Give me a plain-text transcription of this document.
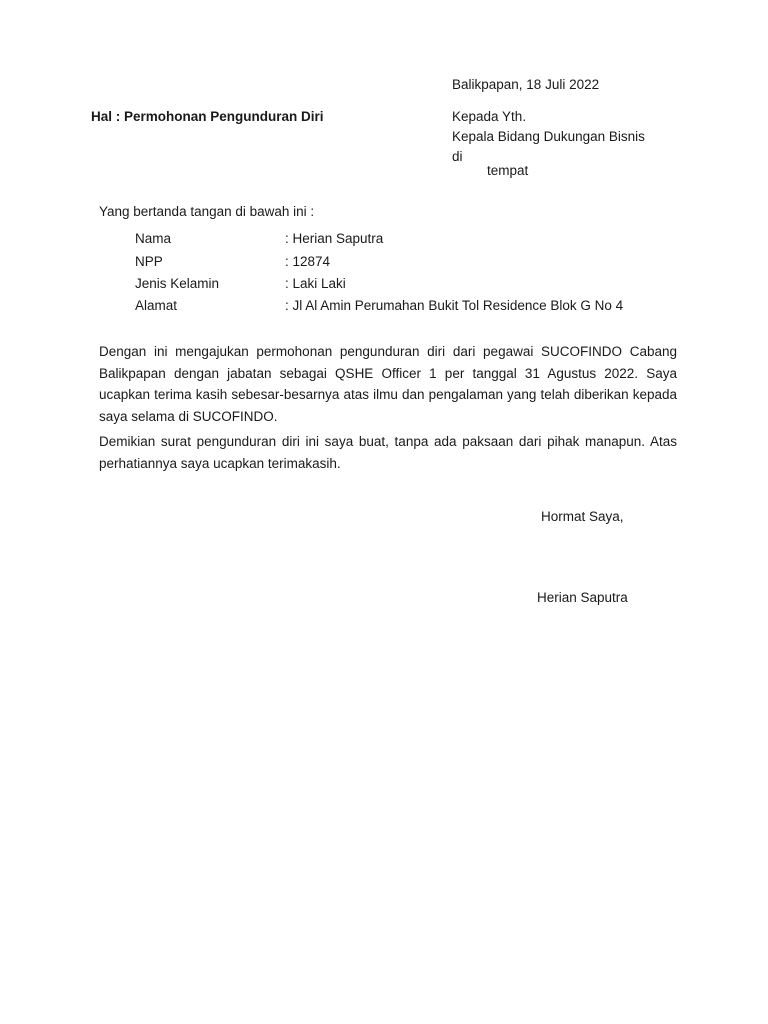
Balikpapan, 18 Juli 2022
Hal : Permohonan Pengunduran Diri	Kepada Yth.
Kepala Bidang Dukungan Bisnis
di
tempat
Yang bertanda tangan di bawah ini :
Nama	: Herian Saputra
NPP	: 12874
Jenis Kelamin	: Laki Laki
Alamat	: Jl Al Amin Perumahan Bukit Tol Residence Blok G No 4

Dengan ini mengajukan permohonan pengunduran diri dari pegawai SUCOFINDO Cabang Balikpapan dengan jabatan sebagai QSHE Officer 1 per tanggal 31 Agustus 2022. Saya ucapkan terima kasih sebesar-besarnya atas ilmu dan pengalaman yang telah diberikan kepada saya selama di SUCOFINDO.

Demikian surat pengunduran diri ini saya buat, tanpa ada paksaan dari pihak manapun. Atas perhatiannya saya ucapkan terimakasih.

Hormat Saya,
Herian Saputra
